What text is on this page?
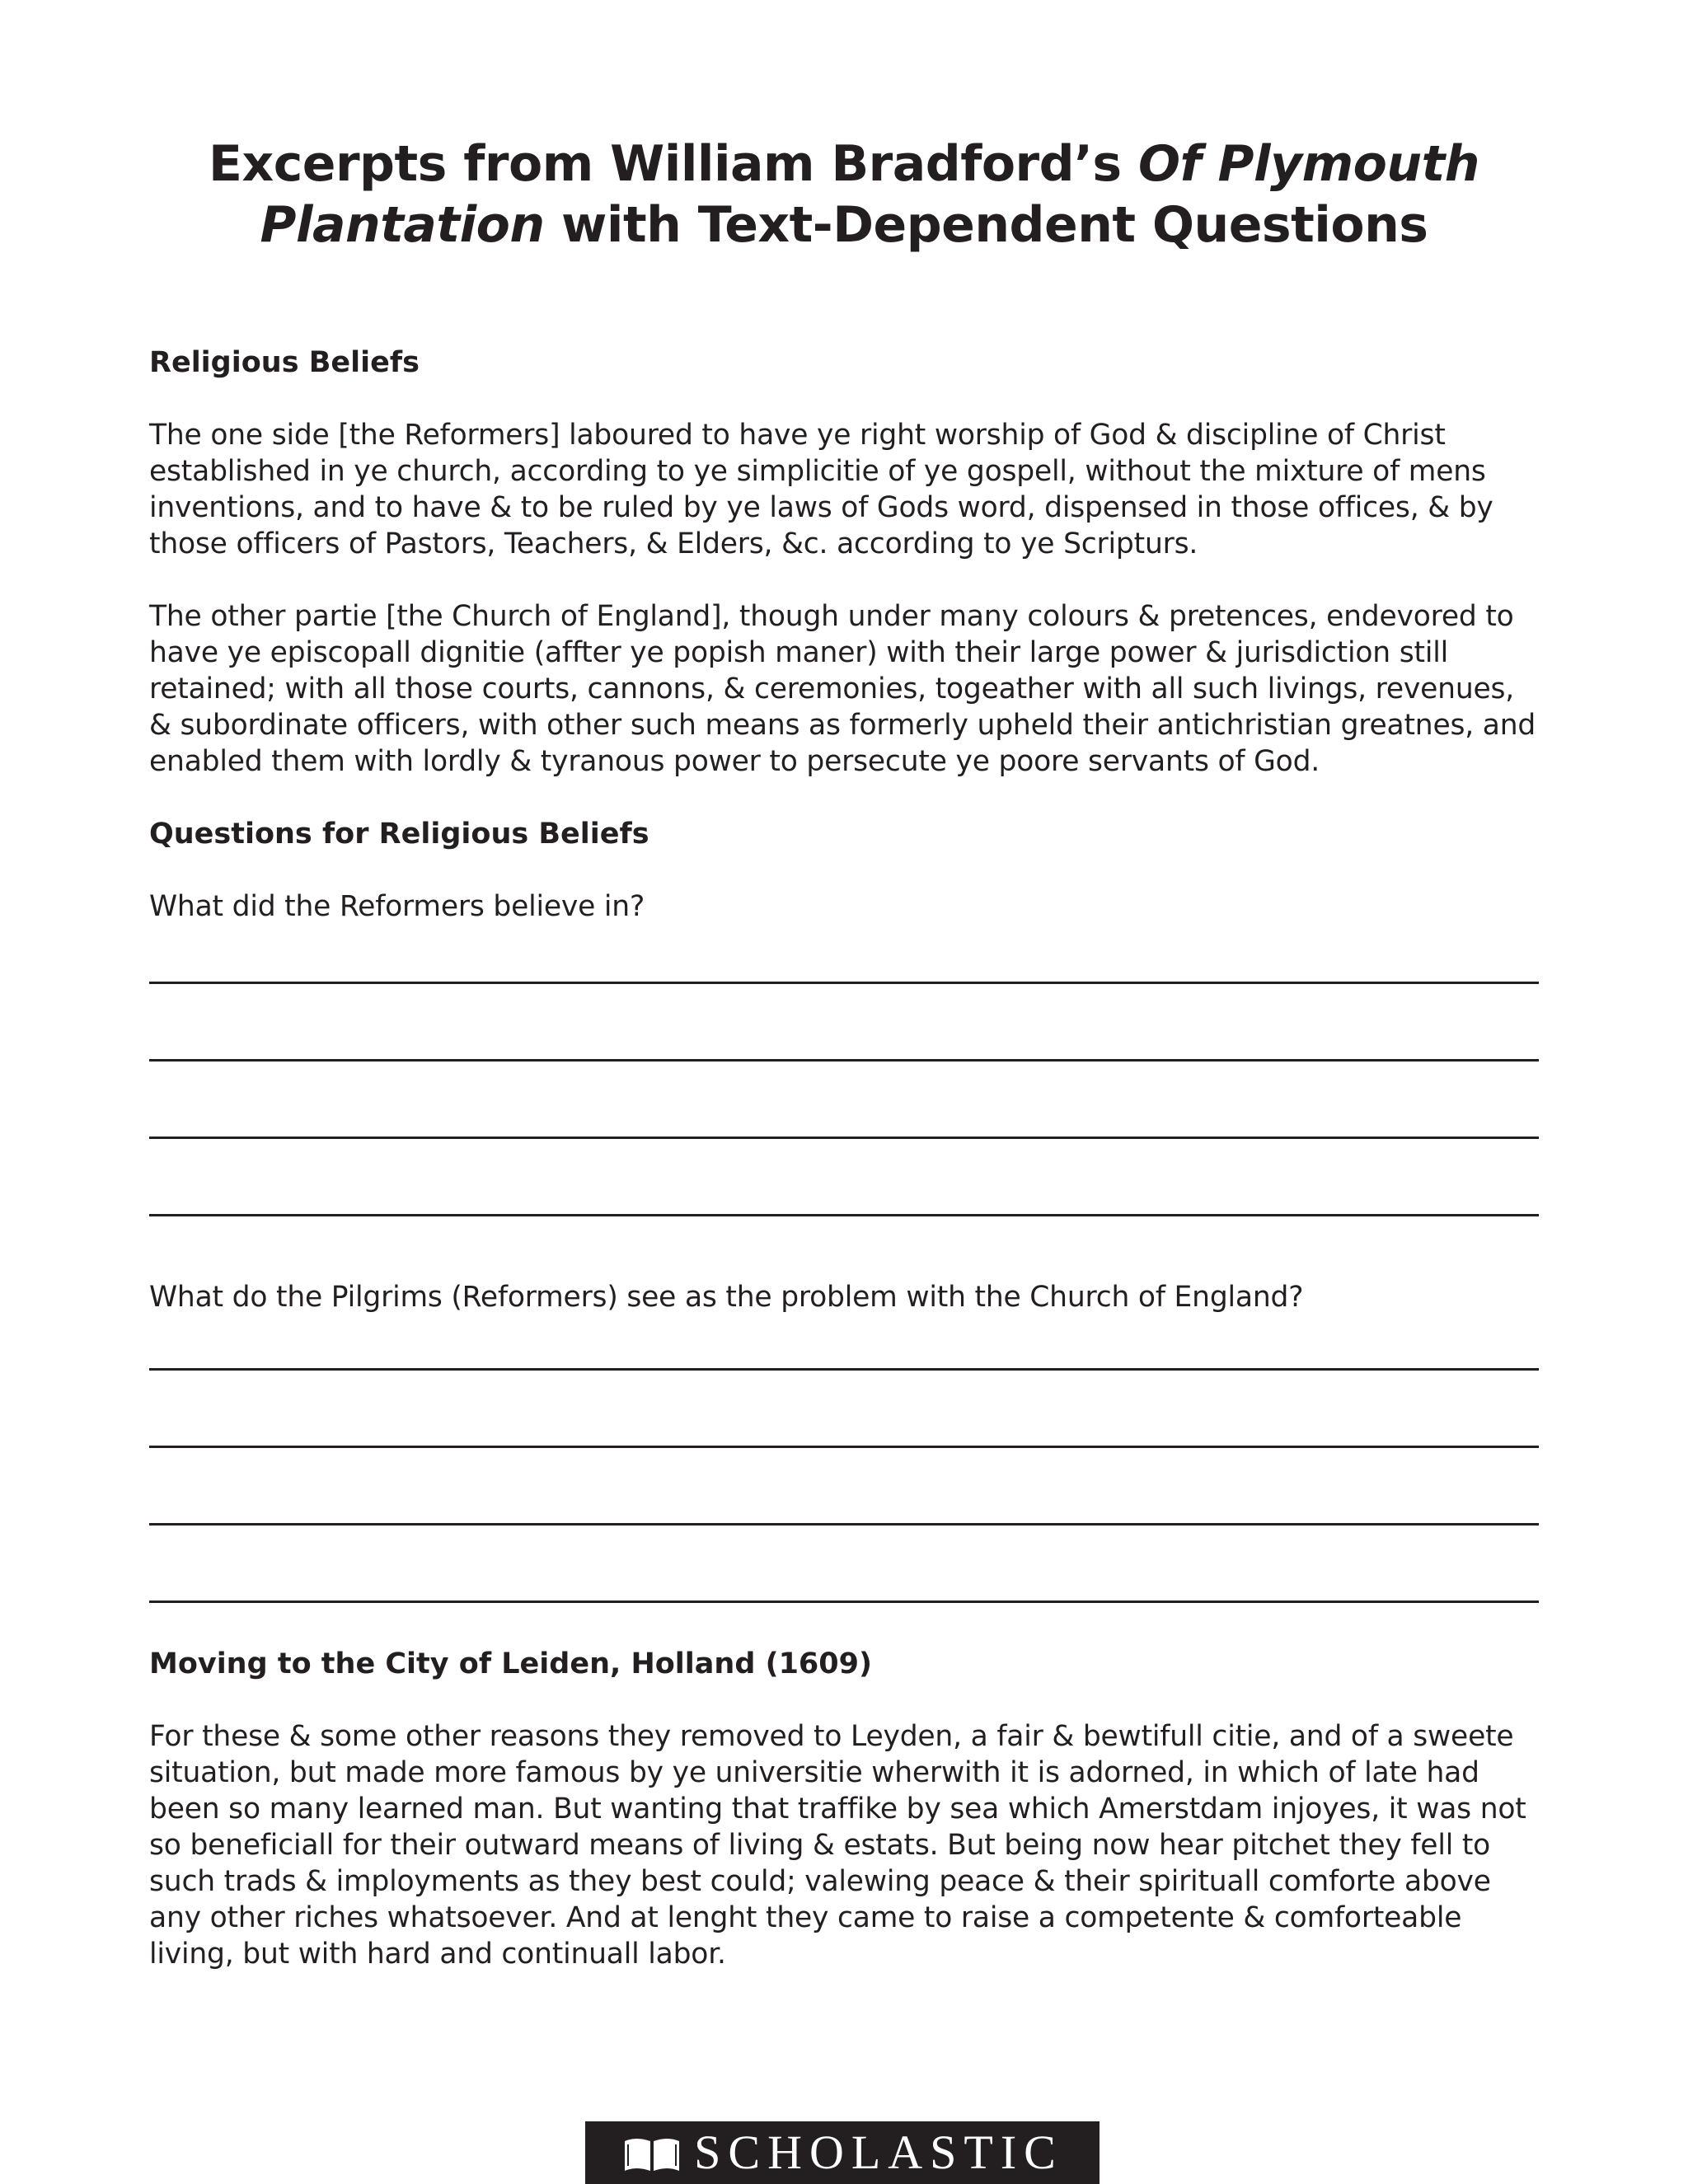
Excerpts from William Bradford’s Of Plymouth
Plantation with Text-Dependent Questions
Religious Beliefs

The one side [the Reformers] laboured to have ye right worship of God & discipline of Christ established in ye church, according to ye simplicitie of ye gospell, without the mixture of mens inventions, and to have & to be ruled by ye laws of Gods word, dispensed in those offices, & by those officers of Pastors, Teachers, & Elders, &c. according to ye Scripturs.

The other partie [the Church of England], though under many colours & pretences, endevored to have ye episcopall dignitie (affter ye popish maner) with their large power & jurisdiction still retained; with all those courts, cannons, & ceremonies, togeather with all such livings, revenues, & subordinate officers, with other such means as formerly upheld their antichristian greatnes, and enabled them with lordly & tyranous power to persecute ye poore servants of God.

Questions for Religious Beliefs

What did the Reformers believe in?

What do the Pilgrims (Reformers) see as the problem with the Church of England?

Moving to the City of Leiden, Holland (1609)

For these & some other reasons they removed to Leyden, a fair & bewtifull citie, and of a sweete situation, but made more famous by ye universitie wherwith it is adorned, in which of late had been so many learned man. But wanting that traffike by sea which Amerstdam injoyes, it was not so beneficiall for their outward means of living & estats. But being now hear pitchet they fell to such trads & imployments as they best could; valewing peace & their spirituall comforte above any other riches whatsoever. And at lenght they came to raise a competente & comforteable living, but with hard and continuall labor.

SCHOLASTIC
